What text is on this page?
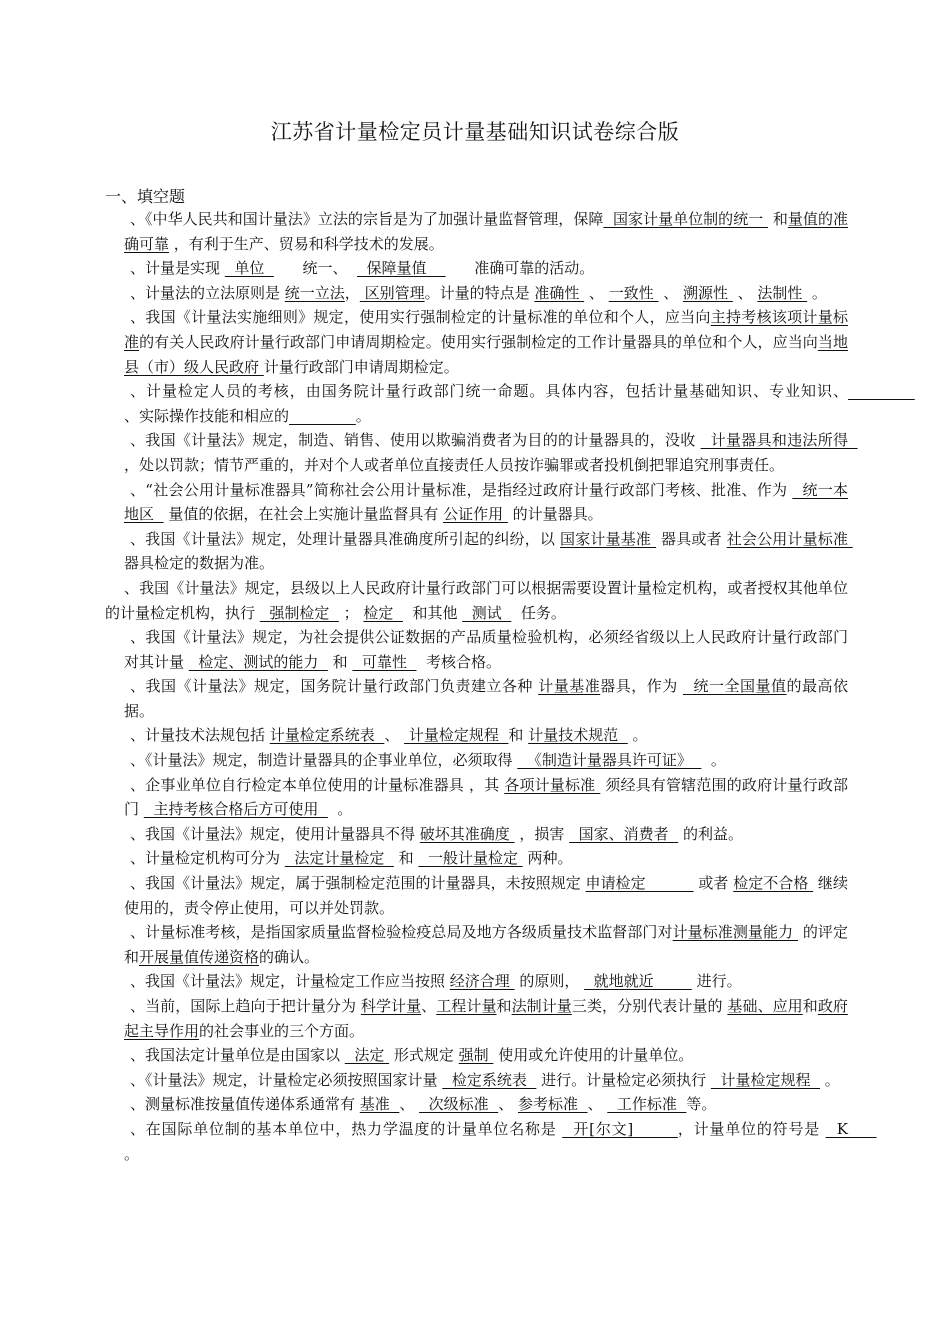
江苏省计量检定员计量基础知识试卷综合版
一、填空题

、《中华人民共和国计量法》立法的宗旨是为了加强计量监督管理，保障  国家计量单位制的统一  和量值的准确可靠 ，有利于生产、贸易和科学技术的发展。

、计量是实现   单位        统一、    保障量值          准确可靠的活动。

、计量法的立法原则是 统一立法， 区别管理。计量的特点是 准确性  、 一致性  、 溯源性  、 法制性  。

、我国《计量法实施细则》规定，使用实行强制检定的计量标准的单位和个人，应当向主持考核该项计量标准的有关人民政府计量行政部门申请周期检定。使用实行强制检定的工作计量器具的单位和个人，应当向当地县（市）级人民政府 计量行政部门申请周期检定。

、计量检定人员的考核，由国务院计量行政部门统一命题。具体内容，包括计量基础知识、专业知识、              、实际操作技能和相应的	。

、我国《计量法》规定，制造、销售、使用以欺骗消费者为目的的计量器具的，没收   计量器具和违法所得   ，处以罚款；情节严重的，并对个人或者单位直接责任人员按诈骗罪或者投机倒把罪追究刑事责任。

、“社会公用计量标准器具”简称社会公用计量标准，是指经过政府计量行政部门考核、批准、作为   统一本地区   量值的依据，在社会上实施计量监督具有 公证作用  的计量器具。

、我国《计量法》规定，处理计量器具准确度所引起的纠纷，以 国家计量基准  器具或者 社会公用计量标准  器具检定的数据为准。

、我国《计量法》规定，县级以上人民政府计量行政部门可以根据需要设置计量检定机构，或者授权其他单位的计量检定机构，执行   强制检定   ； 检定    和其他   测试    任务。

、我国《计量法》规定，为社会提供公证数据的产品质量检验机构，必须经省级以上人民政府计量行政部门对其计量   检定、测试的能力   和   可靠性    考核合格。

、我国《计量法》规定，国务院计量行政部门负责建立各种 计量基准器具，作为   统一全国量值的最高依据。

、计量技术法规包括 计量检定系统表  、  计量检定规程  和 计量技术规范   。

、《计量法》规定，制造计量器具的企事业单位，必须取得   《制造计量器具许可证》    。

、企事业单位自行检定本单位使用的计量标准器具 ，其 各项计量标准  须经具有管辖范围的政府计量行政部门   主持考核合格后方可使用    。

、我国《计量法》规定，使用计量器具不得 破坏其准确度  ，损害   国家、消费者   的利益。

、计量检定机构可分为   法定计量检定   和   一般计量检定  两种。

、我国《计量法》规定，属于强制检定范围的计量器具，未按照规定 申请检定           或者 检定不合格  继续使用的，责令停止使用，可以并处罚款。

、计量标准考核，是指国家质量监督检验检疫总局及地方各级质量技术监督部门对计量标准测量能力  的评定和开展量值传递资格的确认。

、我国《计量法》规定，计量检定工作应当按照 经济合理  的原则，   就地就近         进行。

、当前，国际上趋向于把计量分为 科学计量、工程计量和法制计量三类，分别代表计量的 基础、应用和政府起主导作用的社会事业的三个方面。

、我国法定计量单位是由国家以   法定  形式规定 强制  使用或允许使用的计量单位。

、《计量法》规定，计量检定必须按照国家计量   检定系统表   进行。计量检定必须执行   计量检定规程   。

、测量标准按量值传递体系通常有 基准  、   次级标准  、 参考标准  、   工作标准  等。

、在国际单位制的基本单位中，热力学温度的计量单位名称是   开[尔文]        ，计量单位的符号是   K       。
